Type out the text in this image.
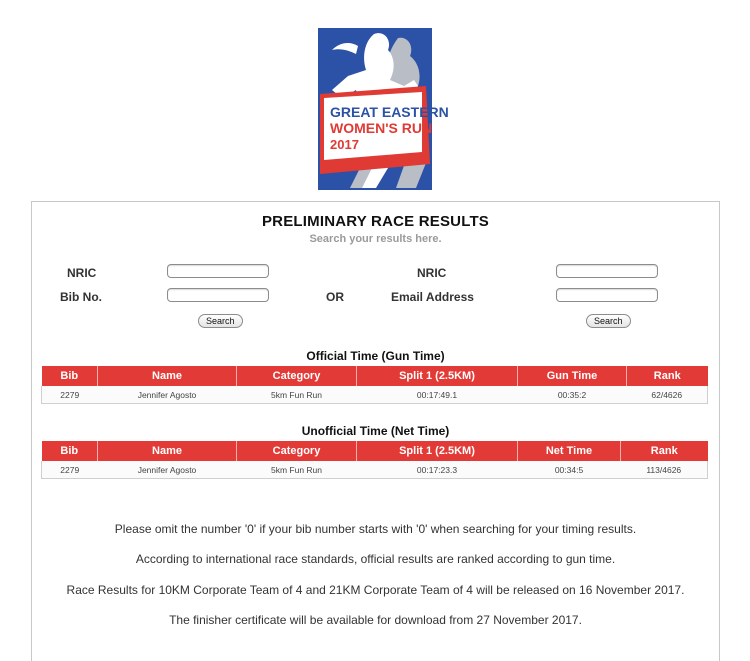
GREAT EASTERN
WOMEN'S RUN
2017
PRELIMINARY RACE RESULTS
Search your results here.
NRIC
Bib No.
Search
OR
NRIC
Email Address
Search
Official Time (Gun Time)
Bib	Name	Category	Split 1 (2.5KM)	Gun Time	Rank
2279	Jennifer Agosto	5km Fun Run	00:17:49.1	00:35:2	62/4626
Unofficial Time (Net Time)
Bib	Name	Category	Split 1 (2.5KM)	Net Time	Rank
2279	Jennifer Agosto	5km Fun Run	00:17:23.3	00:34:5	113/4626
Please omit the number '0' if your bib number starts with '0' when searching for your timing results.
According to international race standards, official results are ranked according to gun time.
Race Results for 10KM Corporate Team of 4 and 21KM Corporate Team of 4 will be released on 16 November 2017.
The finisher certificate will be available for download from 27 November 2017.
